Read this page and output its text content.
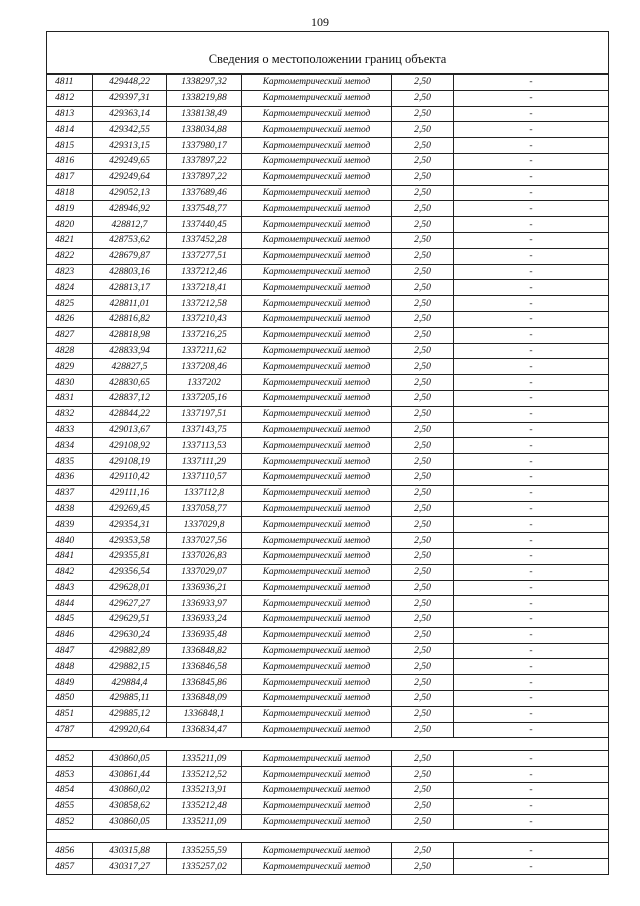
109

Сведения о местоположении границ объекта					
4811	429448,22	1338297,32	Картометрический метод	2,50	-
4812	429397,31	1338219,88	Картометрический метод	2,50	-
4813	429363,14	1338138,49	Картометрический метод	2,50	-
4814	429342,55	1338034,88	Картометрический метод	2,50	-
4815	429313,15	1337980,17	Картометрический метод	2,50	-
4816	429249,65	1337897,22	Картометрический метод	2,50	-
4817	429249,64	1337897,22	Картометрический метод	2,50	-
4818	429052,13	1337689,46	Картометрический метод	2,50	-
4819	428946,92	1337548,77	Картометрический метод	2,50	-
4820	428812,7	1337440,45	Картометрический метод	2,50	-
4821	428753,62	1337452,28	Картометрический метод	2,50	-
4822	428679,87	1337277,51	Картометрический метод	2,50	-
4823	428803,16	1337212,46	Картометрический метод	2,50	-
4824	428813,17	1337218,41	Картометрический метод	2,50	-
4825	428811,01	1337212,58	Картометрический метод	2,50	-
4826	428816,82	1337210,43	Картометрический метод	2,50	-
4827	428818,98	1337216,25	Картометрический метод	2,50	-
4828	428833,94	1337211,62	Картометрический метод	2,50	-
4829	428827,5	1337208,46	Картометрический метод	2,50	-
4830	428830,65	1337202	Картометрический метод	2,50	-
4831	428837,12	1337205,16	Картометрический метод	2,50	-
4832	428844,22	1337197,51	Картометрический метод	2,50	-
4833	429013,67	1337143,75	Картометрический метод	2,50	-
4834	429108,92	1337113,53	Картометрический метод	2,50	-
4835	429108,19	1337111,29	Картометрический метод	2,50	-
4836	429110,42	1337110,57	Картометрический метод	2,50	-
4837	429111,16	1337112,8	Картометрический метод	2,50	-
4838	429269,45	1337058,77	Картометрический метод	2,50	-
4839	429354,31	1337029,8	Картометрический метод	2,50	-
4840	429353,58	1337027,56	Картометрический метод	2,50	-
4841	429355,81	1337026,83	Картометрический метод	2,50	-
4842	429356,54	1337029,07	Картометрический метод	2,50	-
4843	429628,01	1336936,21	Картометрический метод	2,50	-
4844	429627,27	1336933,97	Картометрический метод	2,50	-
4845	429629,51	1336933,24	Картометрический метод	2,50	-
4846	429630,24	1336935,48	Картометрический метод	2,50	-
4847	429882,89	1336848,82	Картометрический метод	2,50	-
4848	429882,15	1336846,58	Картометрический метод	2,50	-
4849	429884,4	1336845,86	Картометрический метод	2,50	-
4850	429885,11	1336848,09	Картометрический метод	2,50	-
4851	429885,12	1336848,1	Картометрический метод	2,50	-
4787	429920,64	1336834,47	Картометрический метод	2,50	-

4852	430860,05	1335211,09	Картометрический метод	2,50	-
4853	430861,44	1335212,52	Картометрический метод	2,50	-
4854	430860,02	1335213,91	Картометрический метод	2,50	-
4855	430858,62	1335212,48	Картометрический метод	2,50	-
4852	430860,05	1335211,09	Картометрический метод	2,50	-

4856	430315,88	1335255,59	Картометрический метод	2,50	-
4857	430317,27	1335257,02	Картометрический метод	2,50	-
